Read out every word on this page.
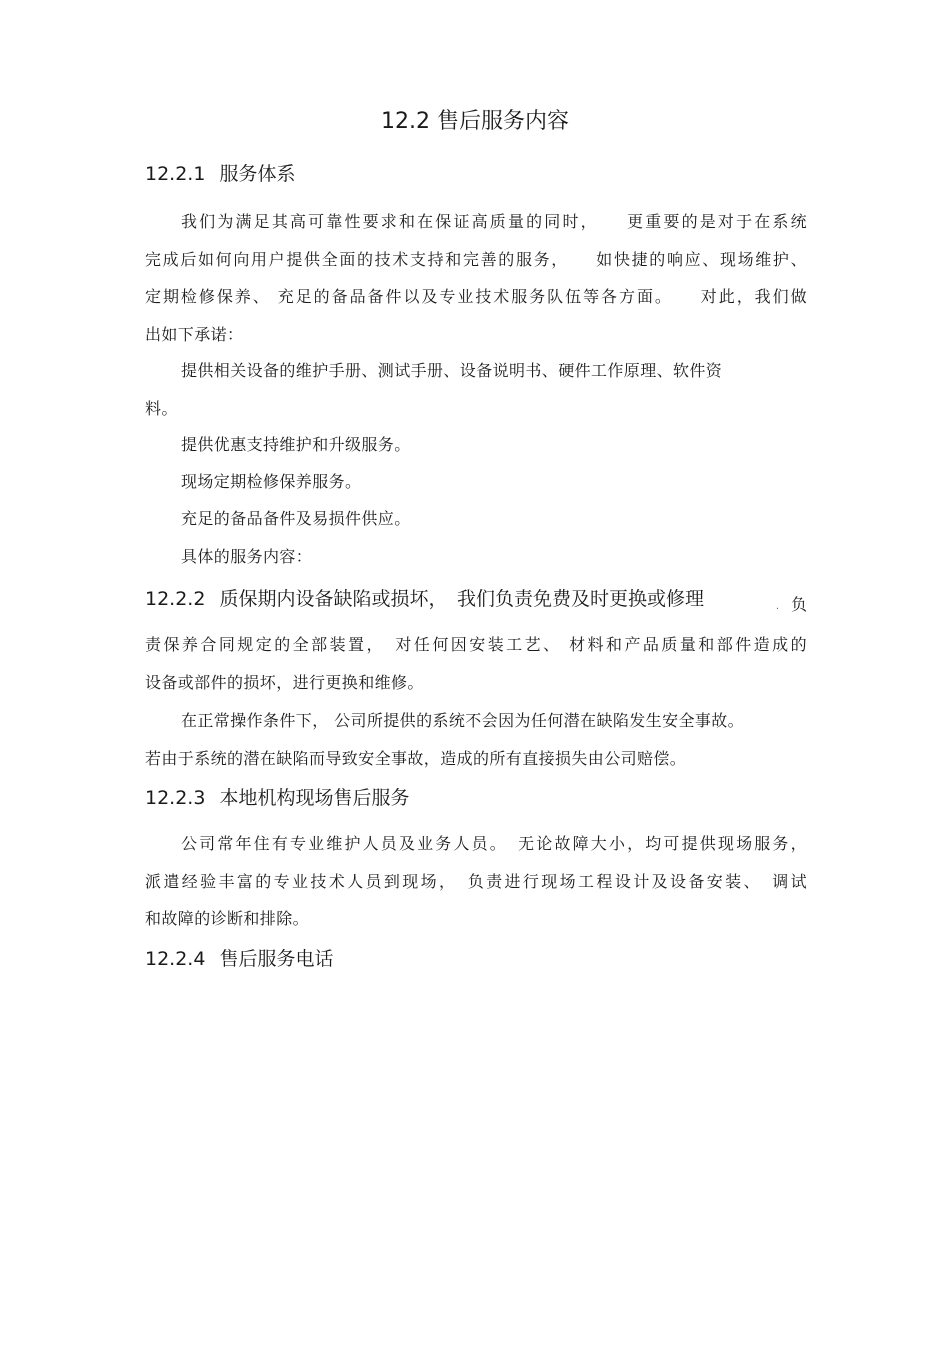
12.2 售后服务内容
12.2.1 服务体系
我们为满足其高可靠性要求和在保证高质量的同时，　　更重要的是对于在系统
完成后如何向用户提供全面的技术支持和完善的服务，　　如快捷的响应、现场维护、
定期检修保养、 充足的备品备件以及专业技术服务队伍等各方面。　　对此，我们做
出如下承诺：
提供相关设备的维护手册、测试手册、设备说明书、硬件工作原理、软件资
料。

提供优惠支持维护和升级服务。

现场定期检修保养服务。

充足的备品备件及易损件供应。

具体的服务内容：

12.2.2 质保期内设备缺陷或损坏，　我们负责免费及时更换或修理	. 负
责保养合同规定的全部装置，　对任何因安装工艺、 材料和产品质量和部件造成的
设备或部件的损坏，进行更换和维修。
在正常操作条件下， 公司所提供的系统不会因为任何潜在缺陷发生安全事故。
若由于系统的潜在缺陷而导致安全事故，造成的所有直接损失由公司赔偿。
12.2.3 本地机构现场售后服务
公司常年住有专业维护人员及业务人员。　无论故障大小，均可提供现场服务，
派遣经验丰富的专业技术人员到现场，　负责进行现场工程设计及设备安装、　调试
和故障的诊断和排除。
12.2.4 售后服务电话
